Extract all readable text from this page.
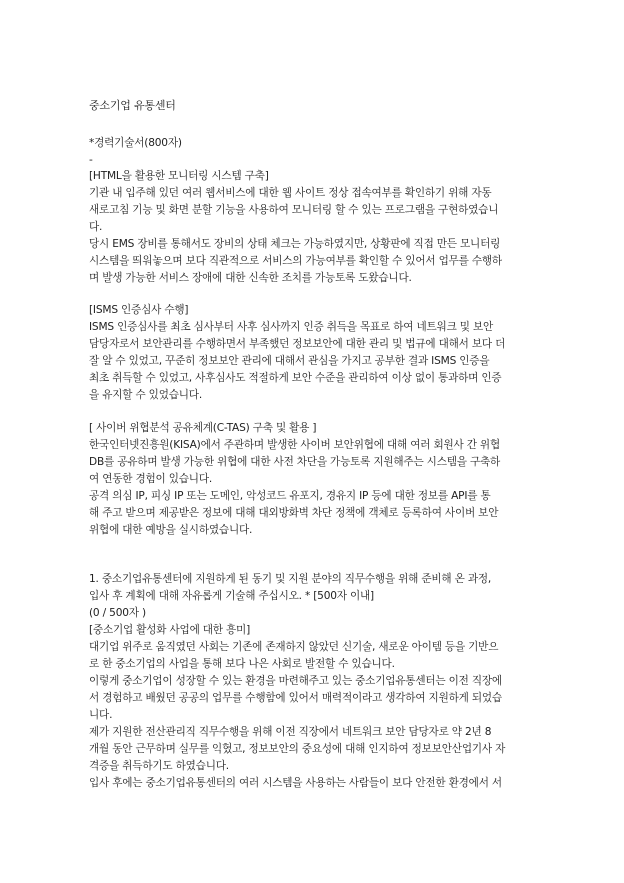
중소기업 유통센터
*경력기술서(800자)
-
[HTML을 활용한 모니터링 시스템 구축]
기관 내 입주해 있던 여러 웹서비스에 대한 웹 사이트 정상 접속여부를 확인하기 위해 자동
새로고침 기능 및 화면 분할 기능을 사용하여 모니터링 할 수 있는 프로그램을 구현하였습니
다.
당시 EMS 장비를 통해서도 장비의 상태 체크는 가능하였지만, 상황판에 직접 만든 모니터링
시스템을 띄워놓으며 보다 직관적으로 서비스의 가능여부를 확인할 수 있어서 업무를 수행하
며 발생 가능한 서비스 장애에 대한 신속한 조치를 가능토록 도왔습니다.
[ISMS 인증심사 수행]
ISMS 인증심사를 최초 심사부터 사후 심사까지 인증 취득을 목표로 하여 네트워크 및 보안
담당자로서 보안관리를 수행하면서 부족했던 정보보안에 대한 관리 및 법규에 대해서 보다 더
잘 알 수 있었고, 꾸준히 정보보안 관리에 대해서 관심을 가지고 공부한 결과 ISMS 인증을
최초 취득할 수 있었고, 사후심사도 적절하게 보안 수준을 관리하여 이상 없이 통과하며 인증
을 유지할 수 있었습니다.
[ 사이버 위협분석 공유체계(C-TAS) 구축 및 활용 ]
한국인터넷진흥원(KISA)에서 주관하며 발생한 사이버 보안위협에 대해 여러 회원사 간 위협
DB를 공유하며 발생 가능한 위협에 대한 사전 차단을 가능토록 지원해주는 시스템을 구축하
여 연동한 경험이 있습니다.
공격 의심 IP, 피싱 IP 또는 도메인, 악성코드 유포지, 경유지 IP 등에 대한 정보를 API를 통
해 주고 받으며 제공받은 정보에 대해 대외방화벽 차단 정책에 객체로 등록하여 사이버 보안
위협에 대한 예방을 실시하였습니다.
1. 중소기업유통센터에 지원하게 된 동기 및 지원 분야의 직무수행을 위해 준비해 온 과정,
입사 후 계획에 대해 자유롭게 기술해 주십시오. * [500자 이내]
(0 / 500자 )
[중소기업 활성화 사업에 대한 흥미]
대기업 위주로 움직였던 사회는 기존에 존재하지 않았던 신기술, 새로운 아이템 등을 기반으
로 한 중소기업의 사업을 통해 보다 나은 사회로 발전할 수 있습니다.
이렇게 중소기업이 성장할 수 있는 환경을 마련해주고 있는 중소기업유통센터는 이전 직장에
서 경험하고 배웠던 공공의 업무를 수행함에 있어서 매력적이라고 생각하여 지원하게 되었습
니다.
제가 지원한 전산관리직 직무수행을 위해 이전 직장에서 네트워크 보안 담당자로 약 2년 8
개월 동안 근무하며 실무를 익혔고, 정보보안의 중요성에 대해 인지하여 정보보안산업기사 자
격증을 취득하기도 하였습니다.
입사 후에는 중소기업유통센터의 여러 시스템을 사용하는 사람들이 보다 안전한 환경에서 서
